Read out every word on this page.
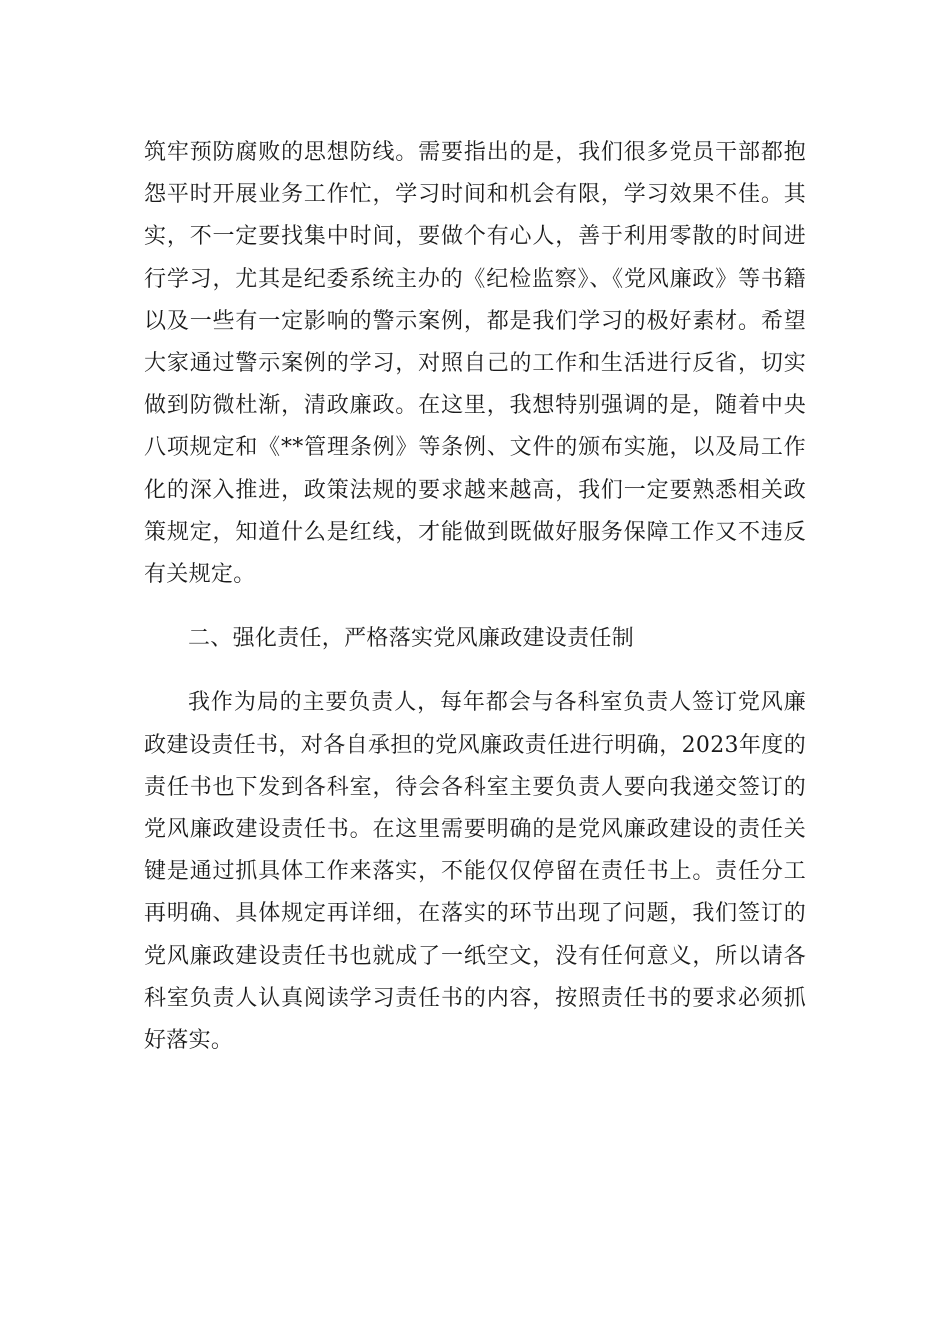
筑牢预防腐败的思想防线。需要指出的是，我们很多党员干部都抱怨平时开展业务工作忙，学习时间和机会有限，学习效果不佳。其实，不一定要找集中时间，要做个有心人，善于利用零散的时间进行学习，尤其是纪委系统主办的《纪检监察》、《党风廉政》等书籍以及一些有一定影响的警示案例，都是我们学习的极好素材。希望大家通过警示案例的学习，对照自己的工作和生活进行反省，切实做到防微杜渐，清政廉政。在这里，我想特别强调的是，随着中央八项规定和《**管理条例》等条例、文件的颁布实施，以及局工作化的深入推进，政策法规的要求越来越高，我们一定要熟悉相关政策规定，知道什么是红线，才能做到既做好服务保障工作又不违反有关规定。

二、强化责任，严格落实党风廉政建设责任制

我作为局的主要负责人，每年都会与各科室负责人签订党风廉政建设责任书，对各自承担的党风廉政责任进行明确，2023年度的责任书也下发到各科室，待会各科室主要负责人要向我递交签订的党风廉政建设责任书。在这里需要明确的是党风廉政建设的责任关键是通过抓具体工作来落实，不能仅仅停留在责任书上。责任分工再明确、具体规定再详细，在落实的环节出现了问题，我们签订的党风廉政建设责任书也就成了一纸空文，没有任何意义，所以请各科室负责人认真阅读学习责任书的内容，按照责任书的要求必须抓好落实。
